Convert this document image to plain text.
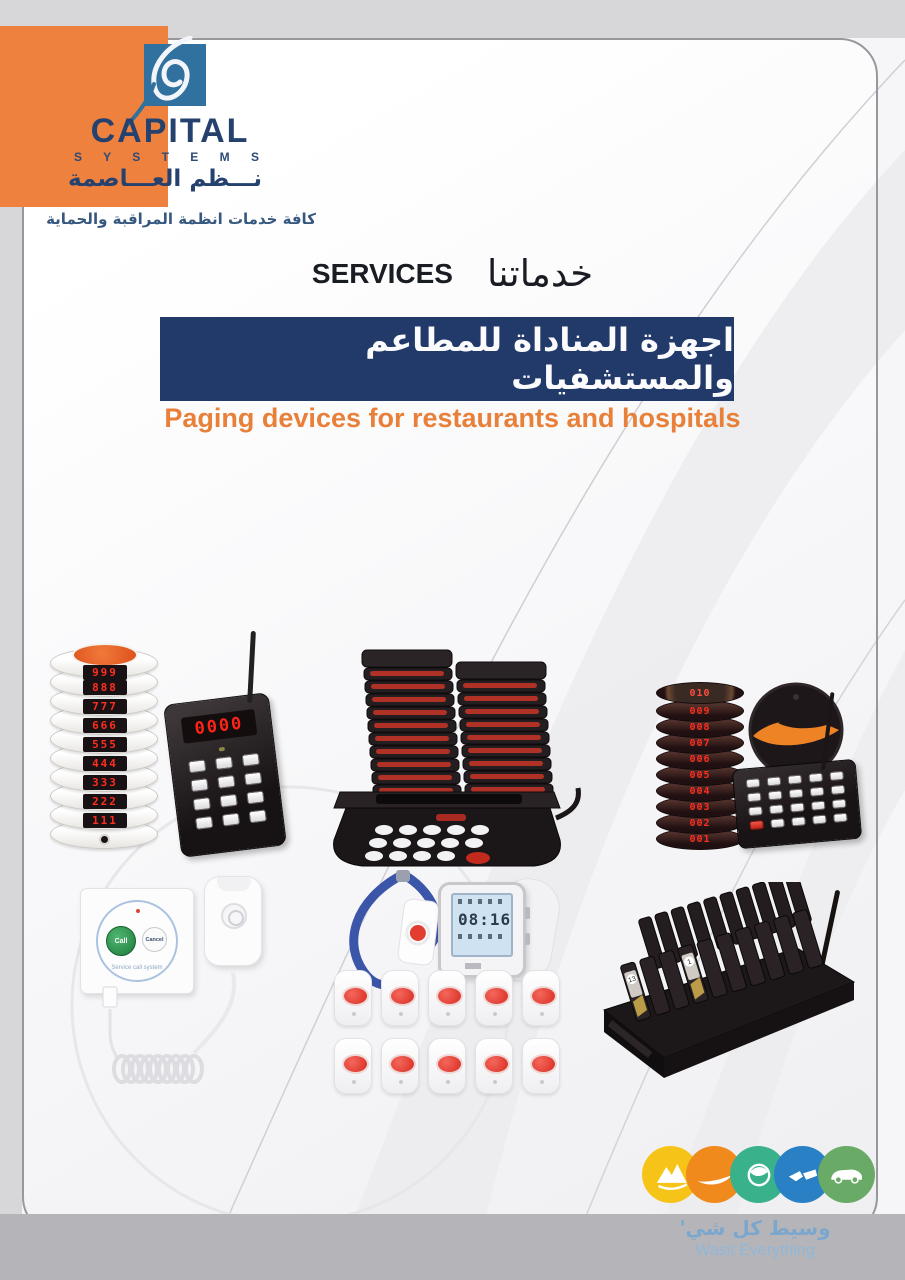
CAPITAL
S Y S T E M S
نـــظم العـــاصمة
كافة خدمات انظمة المراقبة والحماية
SERVICES خدماتنا
اجهزة المناداة للمطاعم والمستشفيات
Paging devices for restaurants and hospitals
111
222
333
444
555
666
777
888
999
0000
001
002
003
004
005
006
007
008
009
010
Call	Cancel
Service call system
08:16
13
1
وسيط كل شي'
Wasit Everything
